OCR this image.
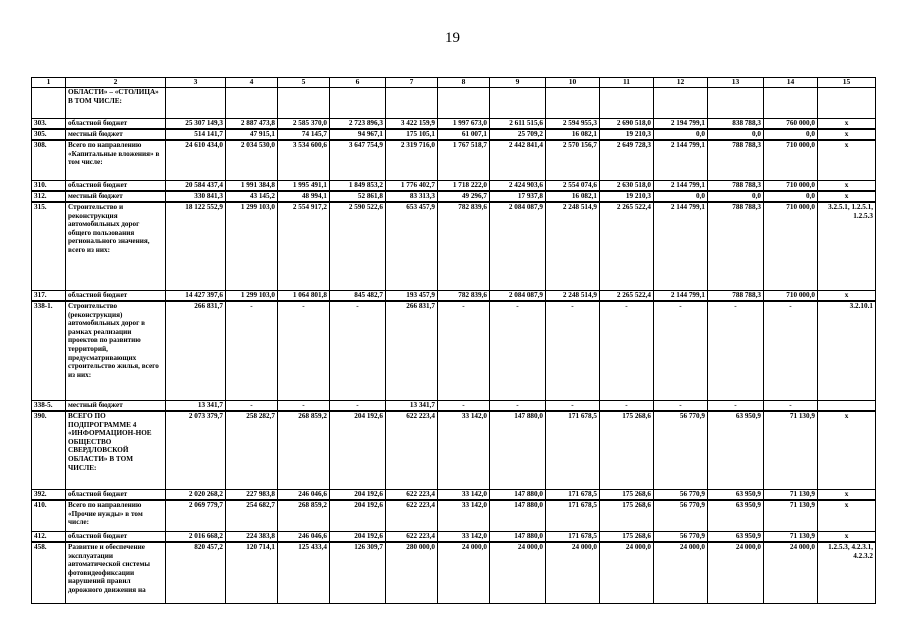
19
1	2	3	4	5	6	7	8	9	10	11	12	13	14	15
	ОБЛАСТИ» – «СТОЛИЦА» В ТОМ ЧИСЛЕ:													
303.	областной бюджет	25 307 149,3	2 887 473,8	2 585 370,0	2 723 896,3	3 422 159,9	1 997 673,0	2 611 515,6	2 594 955,3	2 690 518,0	2 194 799,1	838 788,3	760 000,0	x
305.	местный бюджет	514 141,7	47 915,1	74 145,7	94 967,1	175 105,1	61 007,1	25 709,2	16 082,1	19 210,3	0,0	0,0	0,0	x
308.	Всего по направлению «Капитальные вложения» в том числе:	24 610 434,0	2 034 530,0	3 534 600,6	3 647 754,9	2 319 716,0	1 767 518,7	2 442 841,4	2 570 156,7	2 649 728,3	2 144 799,1	788 788,3	710 000,0	x
310.	областной бюджет	20 584 437,4	1 991 384,8	1 995 491,1	1 849 853,2	1 776 402,7	1 718 222,0	2 424 903,6	2 554 074,6	2 630 518,0	2 144 799,1	788 788,3	710 000,0	x
312.	местный бюджет	330 841,3	43 145,2	48 994,1	52 861,8	83 313,3	49 296,7	17 937,8	16 082,1	19 210,3	0,0	0,0	0,0	x
315.	Строительство и реконструкция автомобильных дорог общего пользования регионального значения, всего из них:	18 122 552,9	1 299 103,0	2 554 917,2	2 590 522,6	653 457,9	782 839,6	2 084 087,9	2 248 514,9	2 265 522,4	2 144 799,1	788 788,3	710 000,0	3.2.5.1, 1.2.5.1, 1.2.5.3
317.	областной бюджет	14 427 397,6	1 299 103,0	1 064 801,8	845 482,7	193 457,9	782 839,6	2 084 087,9	2 248 514,9	2 265 522,4	2 144 799,1	788 788,3	710 000,0	x
338-1.	Строительство (реконструкция) автомобильных дорог в рамках реализации проектов по развитию территорий, предусматривающих строительство жилья, всего из них:	266 831,7	-	-	-	266 831,7	-	-	-	-	-	-	-	3.2.10.1
338-5.	местный бюджет	13 341,7	-	-	-	13 341,7	-	-	-	-	-	-	-	
390.	ВСЕГО ПО ПОДПРОГРАММЕ 4 «ИНФОРМАЦИОН-НОЕ ОБЩЕСТВО СВЕРДЛОВСКОЙ ОБЛАСТИ» В ТОМ ЧИСЛЕ:	2 073 379,7	258 282,7	268 859,2	204 192,6	622 223,4	33 142,0	147 880,0	171 678,5	175 268,6	56 770,9	63 950,9	71 130,9	x
392.	областной бюджет	2 020 268,2	227 983,8	246 046,6	204 192,6	622 223,4	33 142,0	147 880,0	171 678,5	175 268,6	56 770,9	63 950,9	71 130,9	x
410.	Всего по направлению «Прочие нужды» в том числе:	2 069 779,7	254 682,7	268 859,2	204 192,6	622 223,4	33 142,0	147 880,0	171 678,5	175 268,6	56 770,9	63 950,9	71 130,9	x
412.	областной бюджет	2 016 668,2	224 383,8	246 046,6	204 192,6	622 223,4	33 142,0	147 880,0	171 678,5	175 268,6	56 770,9	63 950,9	71 130,9	x
458.	Развитие и обеспечение эксплуатации автоматической системы фотовидеофиксации нарушений правил дорожного движения на	820 457,2	120 714,1	125 433,4	126 309,7	280 000,0	24 000,0	24 000,0	24 000,0	24 000,0	24 000,0	24 000,0	24 000,0	1.2.5.3, 4.2.3.1, 4.2.3.2
